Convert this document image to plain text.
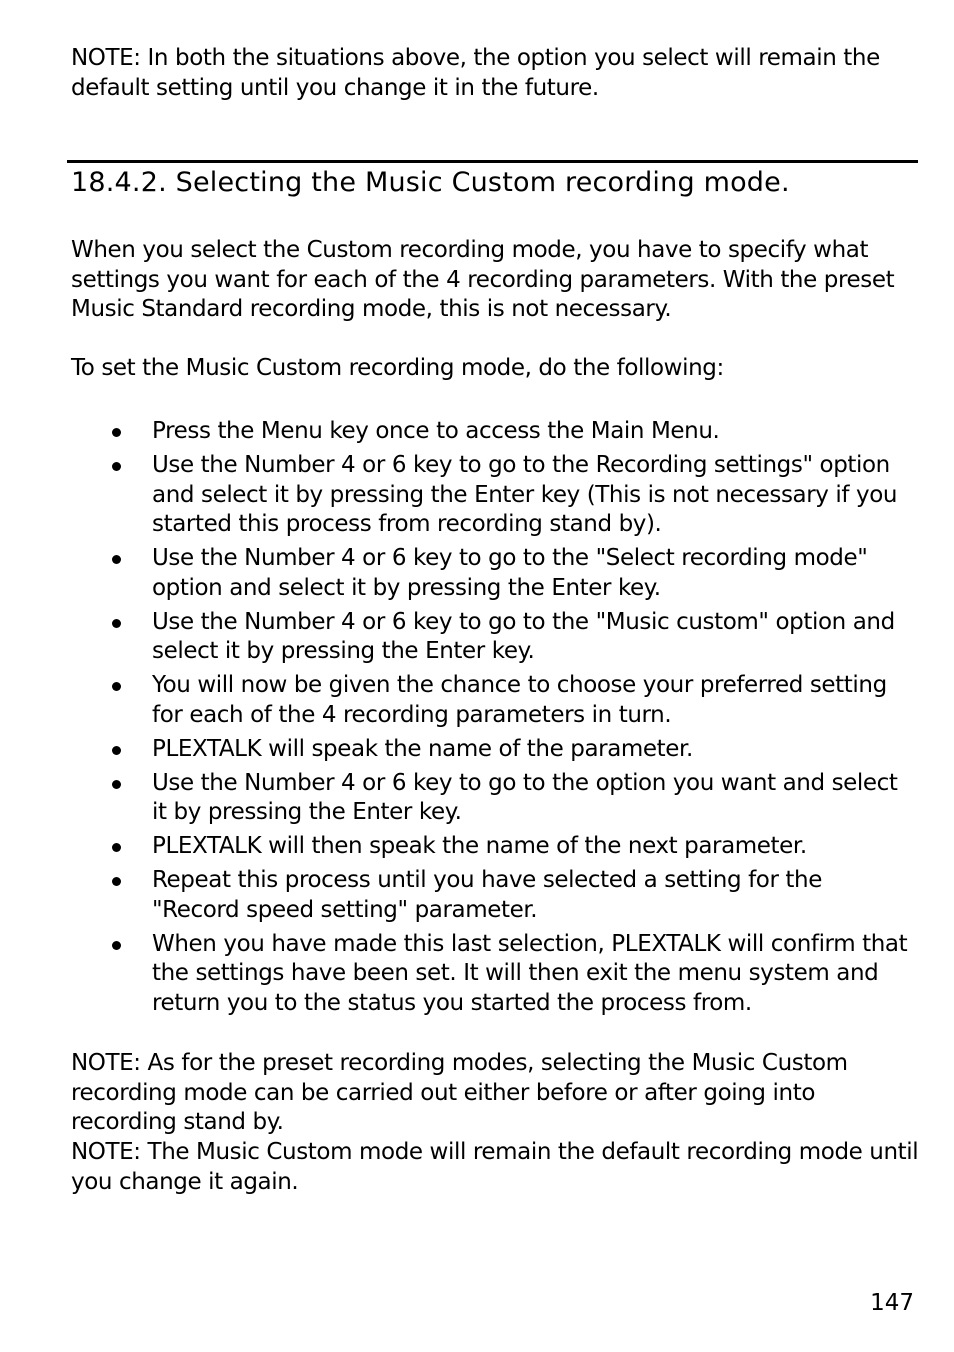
NOTE: In both the situations above, the option you select will remain the default setting until you change it in the future.

18.4.2. Selecting the Music Custom recording mode.

When you select the Custom recording mode, you have to specify what settings you want for each of the 4 recording parameters. With the preset Music Standard recording mode, this is not necessary.

To set the Music Custom recording mode, do the following:

Press the Menu key once to access the Main Menu.
Use the Number 4 or 6 key to go to the Recording settings" option and select it by pressing the Enter key (This is not necessary if you started this process from recording stand by).
Use the Number 4 or 6 key to go to the "Select recording mode" option and select it by pressing the Enter key.
Use the Number 4 or 6 key to go to the "Music custom" option and select it by pressing the Enter key.
You will now be given the chance to choose your preferred setting for each of the 4 recording parameters in turn.
PLEXTALK will speak the name of the parameter.
Use the Number 4 or 6 key to go to the option you want and select it by pressing the Enter key.
PLEXTALK will then speak the name of the next parameter.
Repeat this process until you have selected a setting for the "Record speed setting" parameter.
When you have made this last selection, PLEXTALK will confirm that the settings have been set. It will then exit the menu system and return you to the status you started the process from.

NOTE: As for the preset recording modes, selecting the Music Custom recording mode can be carried out either before or after going into recording stand by.

NOTE: The Music Custom mode will remain the default recording mode until you change it again.

147
